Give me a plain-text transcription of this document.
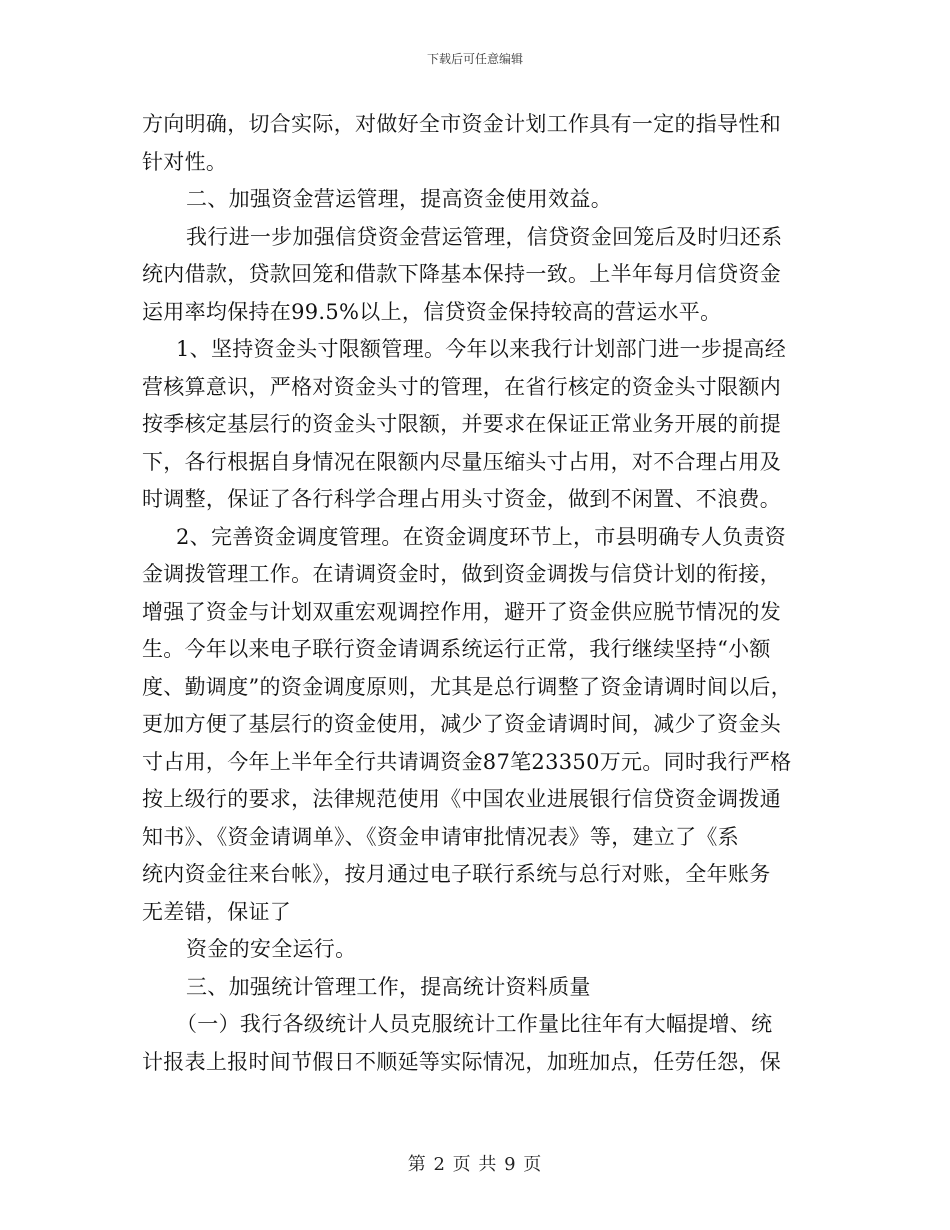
下载后可任意编辑
方向明确，切合实际，对做好全市资金计划工作具有一定的指导性和
针对性。
二、加强资金营运管理，提高资金使用效益。
我行进一步加强信贷资金营运管理，信贷资金回笼后及时归还系
统内借款，贷款回笼和借款下降基本保持一致。上半年每月信贷资金
运用率均保持在99.5%以上，信贷资金保持较高的营运水平。
1、坚持资金头寸限额管理。今年以来我行计划部门进一步提高经
营核算意识，严格对资金头寸的管理，在省行核定的资金头寸限额内
按季核定基层行的资金头寸限额，并要求在保证正常业务开展的前提
下，各行根据自身情况在限额内尽量压缩头寸占用，对不合理占用及
时调整，保证了各行科学合理占用头寸资金，做到不闲置、不浪费。
2、完善资金调度管理。在资金调度环节上，市县明确专人负责资
金调拨管理工作。在请调资金时，做到资金调拨与信贷计划的衔接，
增强了资金与计划双重宏观调控作用，避开了资金供应脱节情况的发
生。今年以来电子联行资金请调系统运行正常，我行继续坚持“小额
度、勤调度”的资金调度原则，尤其是总行调整了资金请调时间以后，
更加方便了基层行的资金使用，减少了资金请调时间，减少了资金头
寸占用，今年上半年全行共请调资金87笔23350万元。同时我行严格
按上级行的要求，法律规范使用《中国农业进展银行信贷资金调拨通
知书》、《资金请调单》、《资金申请审批情况表》等，建立了《系
统内资金往来台帐》，按月通过电子联行系统与总行对账，全年账务
无差错，保证了
资金的安全运行。
三、加强统计管理工作，提高统计资料质量
（一）我行各级统计人员克服统计工作量比往年有大幅提增、统
计报表上报时间节假日不顺延等实际情况，加班加点，任劳任怨，保
第 2 页 共 9 页
